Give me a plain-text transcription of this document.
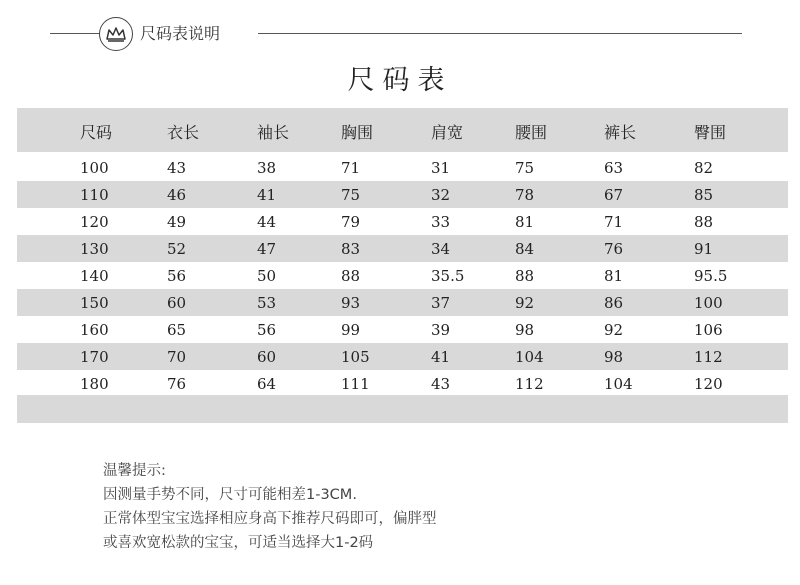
尺码表说明
尺码表
尺码	衣长	袖长	胸围	肩宽	腰围	裤长	臀围
100	43	38	71	31	75	63	82
110	46	41	75	32	78	67	85
120	49	44	79	33	81	71	88
130	52	47	83	34	84	76	91
140	56	50	88	35.5	88	81	95.5
150	60	53	93	37	92	86	100
160	65	56	99	39	98	92	106
170	70	60	105	41	104	98	112
180	76	64	111	43	112	104	120
温馨提示:
因测量手势不同，尺寸可能相差1-3CM.
正常体型宝宝选择相应身高下推荐尺码即可，偏胖型
或喜欢宽松款的宝宝，可适当选择大1-2码
